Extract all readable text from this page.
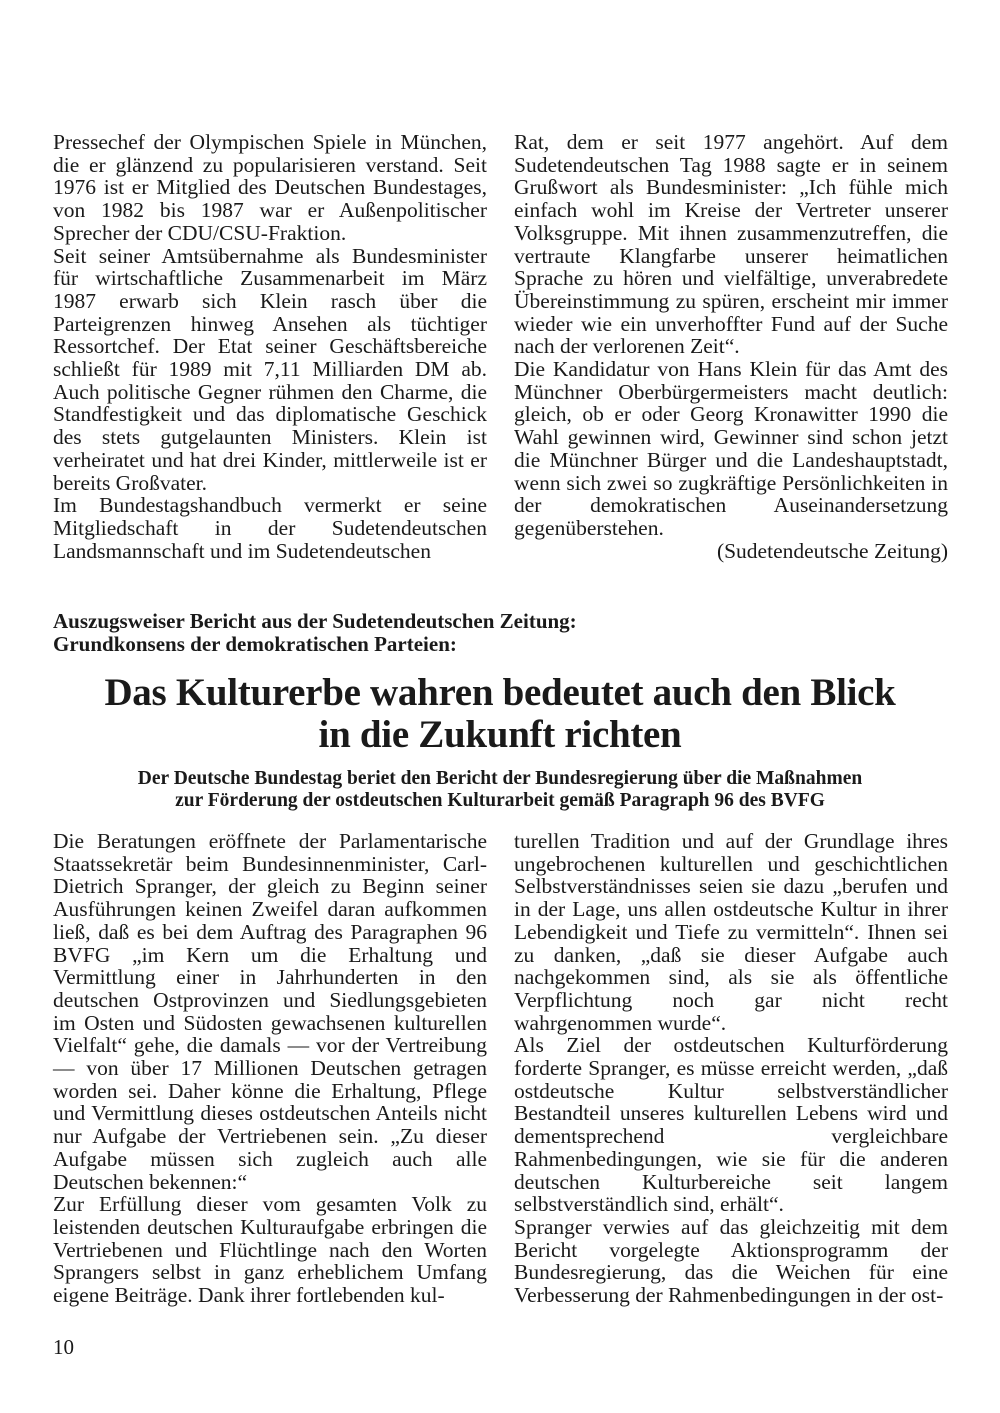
Pressechef der Olympischen Spiele in München, die er glänzend zu popularisieren verstand. Seit 1976 ist er Mitglied des Deutschen Bundestages, von 1982 bis 1987 war er Außenpolitischer Sprecher der CDU/CSU-Fraktion.

Seit seiner Amtsübernahme als Bundesminister für wirtschaftliche Zusammenarbeit im März 1987 erwarb sich Klein rasch über die Parteigrenzen hinweg Ansehen als tüchtiger Ressortchef. Der Etat seiner Geschäftsbereiche schließt für 1989 mit 7,11 Milliarden DM ab. Auch politische Gegner rühmen den Charme, die Standfestigkeit und das diplomatische Geschick des stets gutgelaunten Ministers. Klein ist verheiratet und hat drei Kinder, mittlerweile ist er bereits Großvater.

Im Bundestagshandbuch vermerkt er seine Mitgliedschaft in der Sudetendeutschen Landsmannschaft und im Sudetendeutschen

Rat, dem er seit 1977 angehört. Auf dem Sudetendeutschen Tag 1988 sagte er in seinem Grußwort als Bundesminister: „Ich fühle mich einfach wohl im Kreise der Vertreter unserer Volksgruppe. Mit ihnen zusammenzutreffen, die vertraute Klangfarbe unserer heimatlichen Sprache zu hören und vielfältige, unverabredete Übereinstimmung zu spüren, erscheint mir immer wieder wie ein unverhoffter Fund auf der Suche nach der verlorenen Zeit“.

Die Kandidatur von Hans Klein für das Amt des Münchner Oberbürgermeisters macht deutlich: gleich, ob er oder Georg Kronawitter 1990 die Wahl gewinnen wird, Gewinner sind schon jetzt die Münchner Bürger und die Landeshauptstadt, wenn sich zwei so zugkräftige Persönlichkeiten in der demokratischen Auseinandersetzung gegenüberstehen.

(Sudetendeutsche Zeitung)

Auszugsweiser Bericht aus der Sudetendeutschen Zeitung:
Grundkonsens der demokratischen Parteien:
Das Kulturerbe wahren bedeutet auch den Blick
in die Zukunft richten
Der Deutsche Bundestag beriet den Bericht der Bundesregierung über die Maßnahmen
zur Förderung der ostdeutschen Kulturarbeit gemäß Paragraph 96 des BVFG

Die Beratungen eröffnete der Parlamentarische Staatssekretär beim Bundesinnenminister, Carl-Dietrich Spranger, der gleich zu Beginn seiner Ausführungen keinen Zweifel daran aufkommen ließ, daß es bei dem Auftrag des Paragraphen 96 BVFG „im Kern um die Erhaltung und Vermittlung einer in Jahrhunderten in den deutschen Ostprovinzen und Siedlungsgebieten im Osten und Südosten gewachsenen kulturellen Vielfalt“ gehe, die damals — vor der Vertreibung — von über 17 Millionen Deutschen getragen worden sei. Daher könne die Erhaltung, Pflege und Vermittlung dieses ostdeutschen Anteils nicht nur Aufgabe der Vertriebenen sein. „Zu dieser Aufgabe müssen sich zugleich auch alle Deutschen bekennen:“

Zur Erfüllung dieser vom gesamten Volk zu leistenden deutschen Kulturaufgabe erbringen die Vertriebenen und Flüchtlinge nach den Worten Sprangers selbst in ganz erheblichem Umfang eigene Beiträge. Dank ihrer fortlebenden kul-

turellen Tradition und auf der Grundlage ihres ungebrochenen kulturellen und geschichtlichen Selbstverständnisses seien sie dazu „berufen und in der Lage, uns allen ostdeutsche Kultur in ihrer Lebendigkeit und Tiefe zu vermitteln“. Ihnen sei zu danken, „daß sie dieser Aufgabe auch nachgekommen sind, als sie als öffentliche Verpflichtung noch gar nicht recht wahrgenommen wurde“.

Als Ziel der ostdeutschen Kulturförderung forderte Spranger, es müsse erreicht werden, „daß ostdeutsche Kultur selbstverständlicher Bestandteil unseres kulturellen Lebens wird und dementsprechend vergleichbare Rahmenbedingungen, wie sie für die anderen deutschen Kulturbereiche seit langem selbstverständlich sind, erhält“.

Spranger verwies auf das gleichzeitig mit dem Bericht vorgelegte Aktionsprogramm der Bundesregierung, das die Weichen für eine Verbesserung der Rahmenbedingungen in der ost-

10
